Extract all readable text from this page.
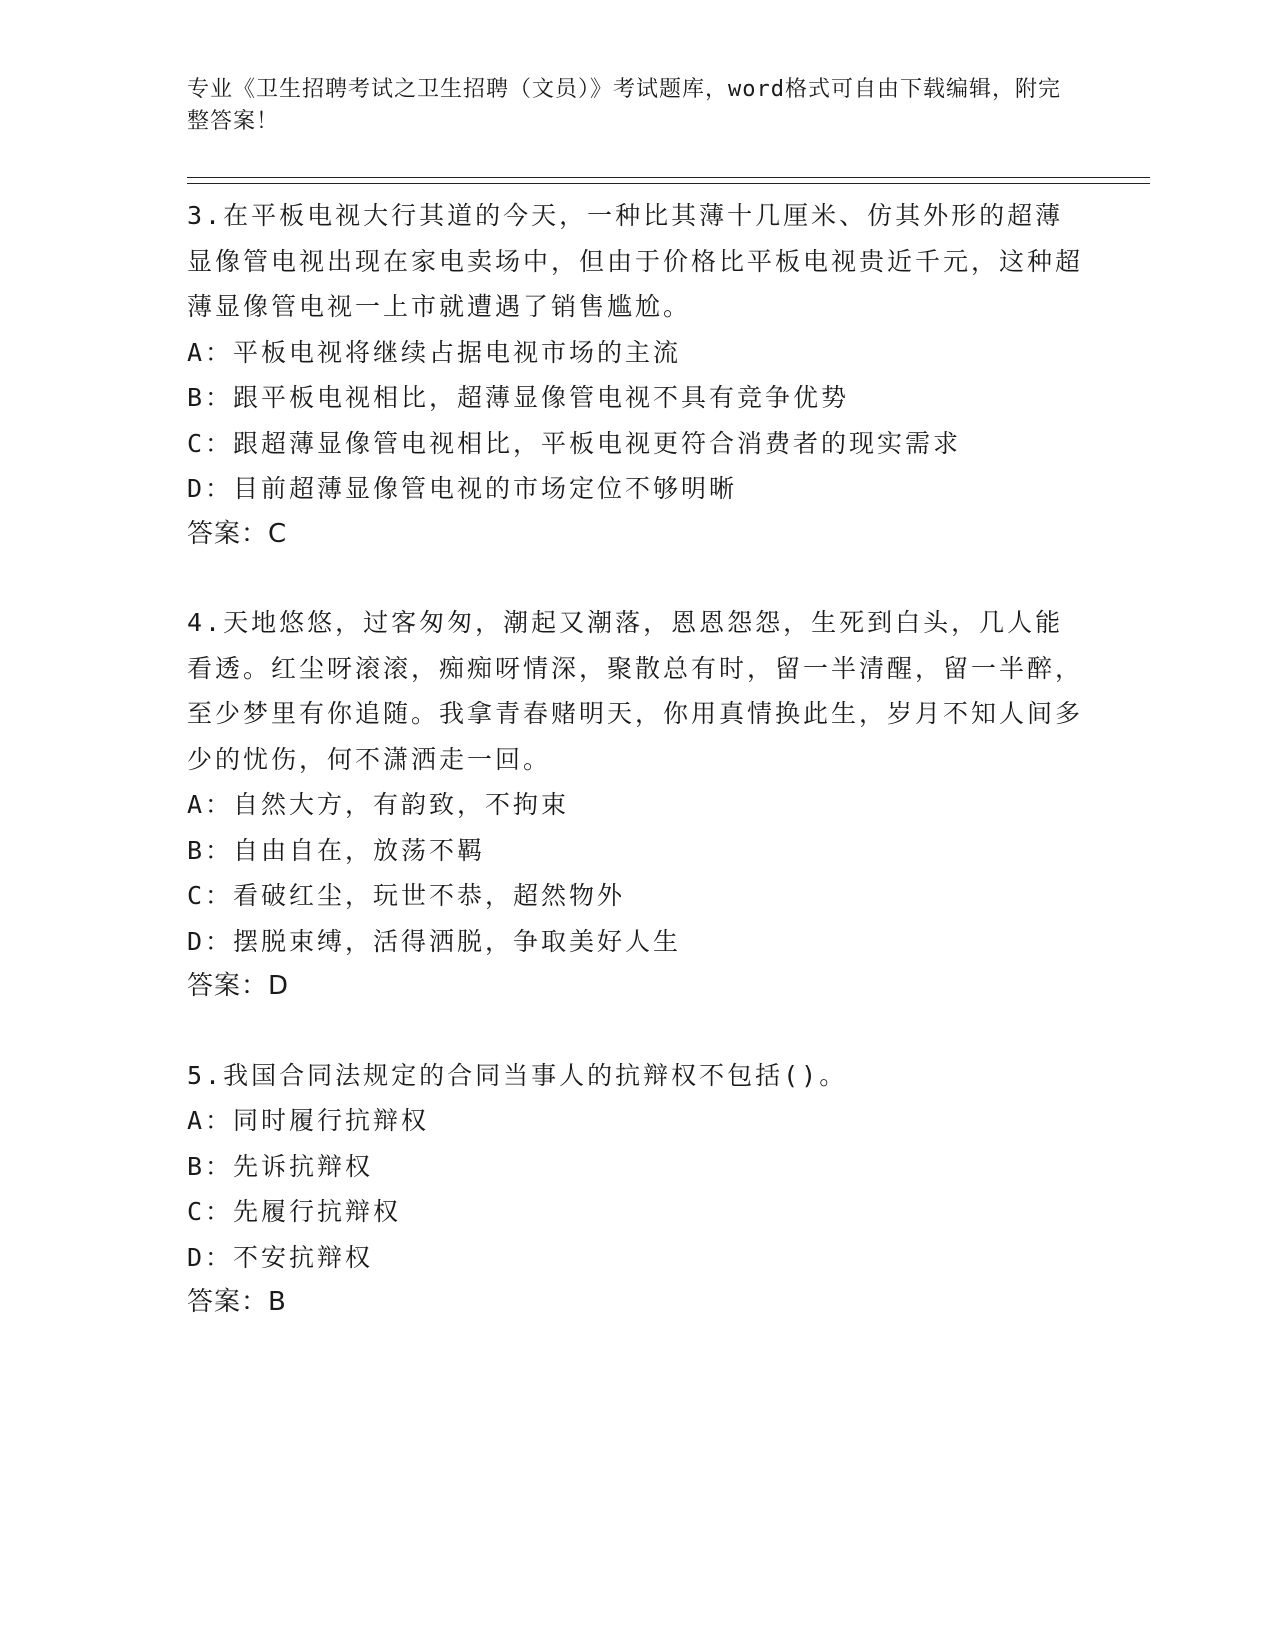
专业《卫生招聘考试之卫生招聘（文员）》考试题库，word格式可自由下载编辑，附完整答案！
3.在平板电视大行其道的今天，一种比其薄十几厘米、仿其外形的超薄显像管电视出现在家电卖场中，但由于价格比平板电视贵近千元，这种超薄显像管电视一上市就遭遇了销售尴尬。
A：平板电视将继续占据电视市场的主流
B：跟平板电视相比，超薄显像管电视不具有竞争优势
C：跟超薄显像管电视相比，平板电视更符合消费者的现实需求
D：目前超薄显像管电视的市场定位不够明晰
答案：C
4.天地悠悠，过客匆匆，潮起又潮落，恩恩怨怨，生死到白头，几人能看透。红尘呀滚滚，痴痴呀情深，聚散总有时，留一半清醒，留一半醉，至少梦里有你追随。我拿青春赌明天，你用真情换此生，岁月不知人间多少的忧伤，何不潇洒走一回。
A：自然大方，有韵致，不拘束
B：自由自在，放荡不羁
C：看破红尘，玩世不恭，超然物外
D：摆脱束缚，活得洒脱，争取美好人生
答案：D
5.我国合同法规定的合同当事人的抗辩权不包括()。
A：同时履行抗辩权
B：先诉抗辩权
C：先履行抗辩权
D：不安抗辩权
答案：B
